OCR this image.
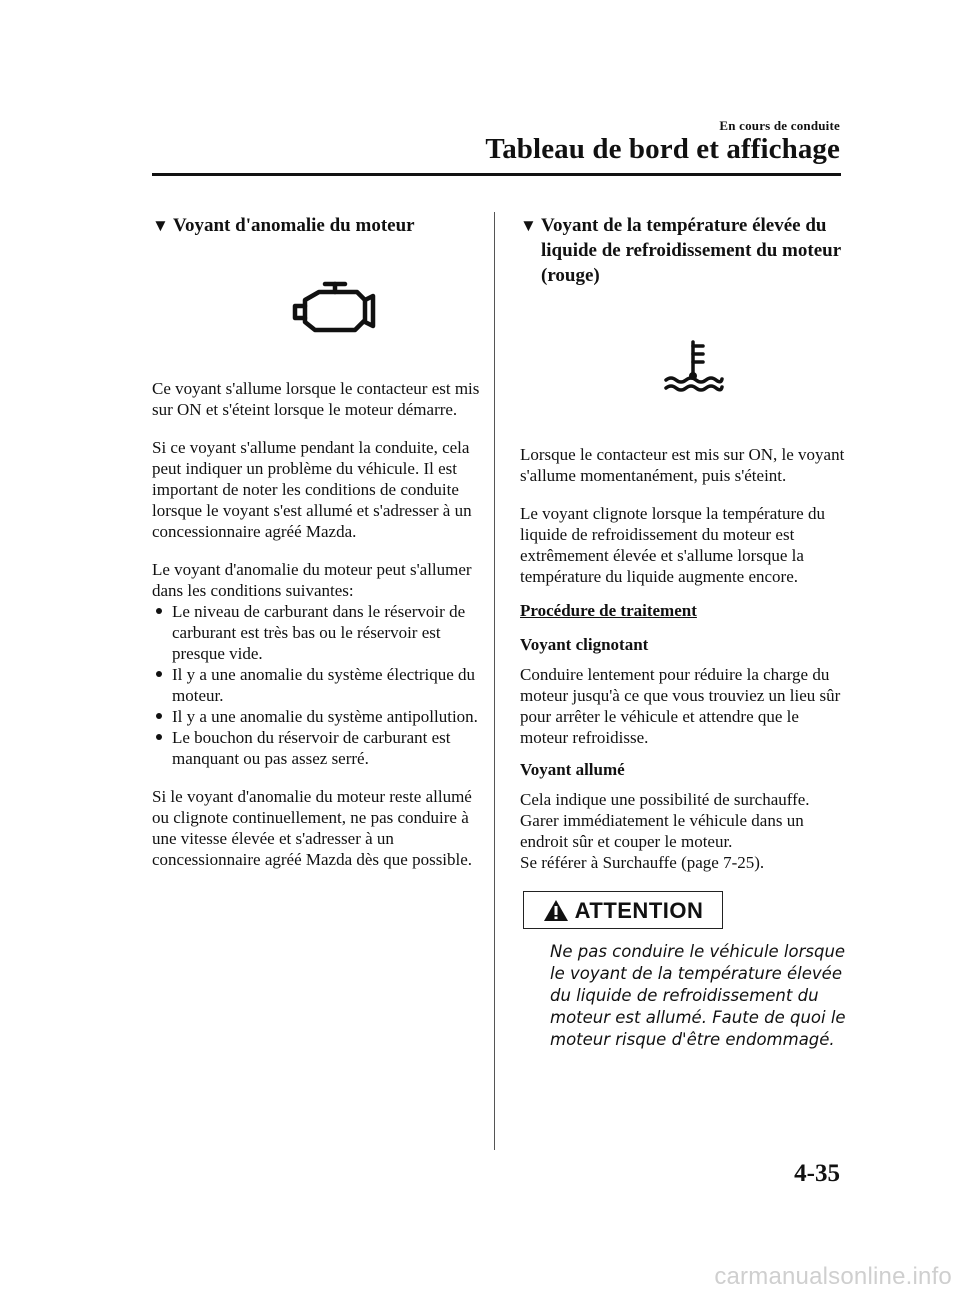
En cours de conduite
Tableau de bord et affichage
▼ Voyant d'anomalie du moteur

Ce voyant s'allume lorsque le contacteur est mis sur ON et s'éteint lorsque le moteur démarre.

Si ce voyant s'allume pendant la conduite, cela peut indiquer un problème du véhicule. Il est important de noter les conditions de conduite lorsque le voyant s'est allumé et s'adresser à un concessionnaire agréé Mazda.

Le voyant d'anomalie du moteur peut s'allumer dans les conditions suivantes:

Le niveau de carburant dans le réservoir de carburant est très bas ou le réservoir est presque vide.
Il y a une anomalie du système électrique du moteur.
Il y a une anomalie du système antipollution.
Le bouchon du réservoir de carburant est manquant ou pas assez serré.

Si le voyant d'anomalie du moteur reste allumé ou clignote continuellement, ne pas conduire à une vitesse élevée et s'adresser à un concessionnaire agréé Mazda dès que possible.

▼ Voyant de la température élevée du liquide de refroidissement du moteur (rouge)

Lorsque le contacteur est mis sur ON, le voyant s'allume momentanément, puis s'éteint.

Le voyant clignote lorsque la température du liquide de refroidissement du moteur est extrêmement élevée et s'allume lorsque la température du liquide augmente encore.

Procédure de traitement
Voyant clignotant

Conduire lentement pour réduire la charge du moteur jusqu'à ce que vous trouviez un lieu sûr pour arrêter le véhicule et attendre que le moteur refroidisse.

Voyant allumé

Cela indique une possibilité de surchauffe. Garer immédiatement le véhicule dans un endroit sûr et couper le moteur.

Se référer à Surchauffe (page 7-25).

ATTENTION
Ne pas conduire le véhicule lorsque le voyant de la température élevée du liquide de refroidissement du moteur est allumé. Faute de quoi le moteur risque d'être endommagé.
4-35
carmanualsonline.info
